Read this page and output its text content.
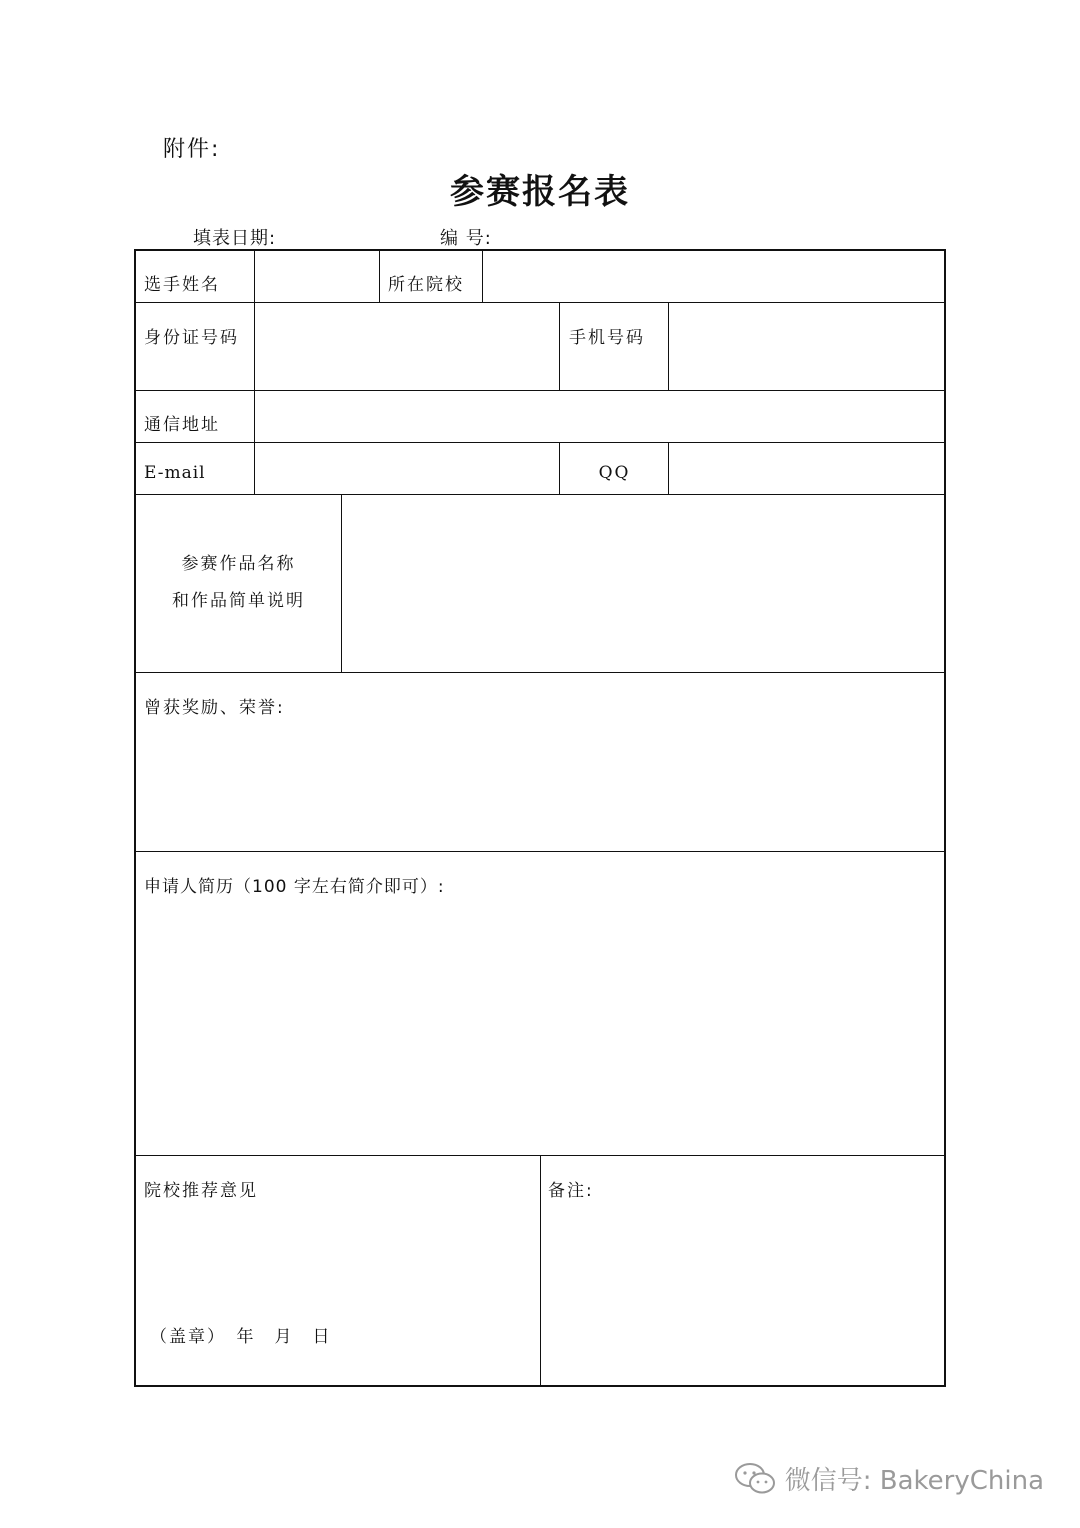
附件:
参赛报名表
填表日期:	编 号:
选手姓名	所在院校
身份证号码	手机号码
通信地址
E-mail	QQ
参赛作品名称
和作品简单说明
曾获奖励、荣誉:
申请人简历（100 字左右简介即可）:
院校推荐意见
（盖章）　年　月　日
备注:
微信号: BakeryChina
